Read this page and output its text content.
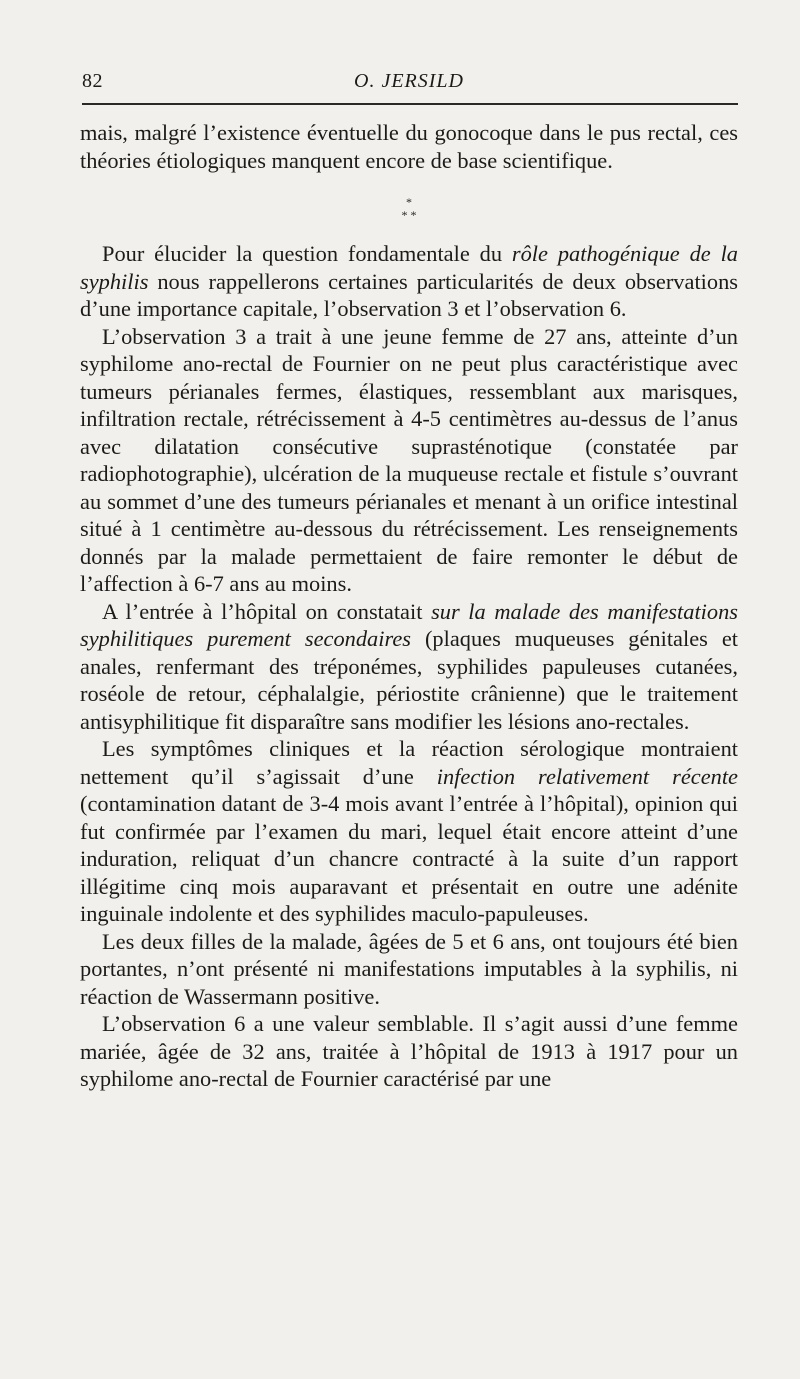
82	O. JERSILD

mais, malgré l’existence éventuelle du gonocoque dans le pus rectal, ces théories étiologiques manquent encore de base scientifique.

*
* *

Pour élucider la question fondamentale du rôle pathogénique de la syphilis nous rappellerons certaines particularités de deux observations d’une importance capitale, l’observation 3 et l’observation 6.

L’observation 3 a trait à une jeune femme de 27 ans, atteinte d’un syphilome ano-rectal de Fournier on ne peut plus caractéristique avec tumeurs périanales fermes, élastiques, ressemblant aux marisques, infiltration rectale, rétrécissement à 4-5 centimètres au-dessus de l’anus avec dilatation consécutive suprasténotique (constatée par radiophotographie), ulcération de la muqueuse rectale et fistule s’ouvrant au sommet d’une des tumeurs périanales et menant à un orifice intestinal situé à 1 centimètre au-dessous du rétrécissement. Les renseignements donnés par la malade permettaient de faire remonter le début de l’affection à 6-7 ans au moins.

A l’entrée à l’hôpital on constatait sur la malade des manifestations syphilitiques purement secondaires (plaques muqueuses génitales et anales, renfermant des tréponémes, syphilides papuleuses cutanées, roséole de retour, céphalalgie, périostite crânienne) que le traitement antisyphilitique fit disparaître sans modifier les lésions ano-rectales.

Les symptômes cliniques et la réaction sérologique montraient nettement qu’il s’agissait d’une infection relativement récente (contamination datant de 3-4 mois avant l’entrée à l’hôpital), opinion qui fut confirmée par l’examen du mari, lequel était encore atteint d’une induration, reliquat d’un chancre contracté à la suite d’un rapport illégitime cinq mois auparavant et présentait en outre une adénite inguinale indolente et des syphilides maculo-papuleuses.

Les deux filles de la malade, âgées de 5 et 6 ans, ont toujours été bien portantes, n’ont présenté ni manifestations imputables à la syphilis, ni réaction de Wassermann positive.

L’observation 6 a une valeur semblable. Il s’agit aussi d’une femme mariée, âgée de 32 ans, traitée à l’hôpital de 1913 à 1917 pour un syphilome ano-rectal de Fournier caractérisé par une
